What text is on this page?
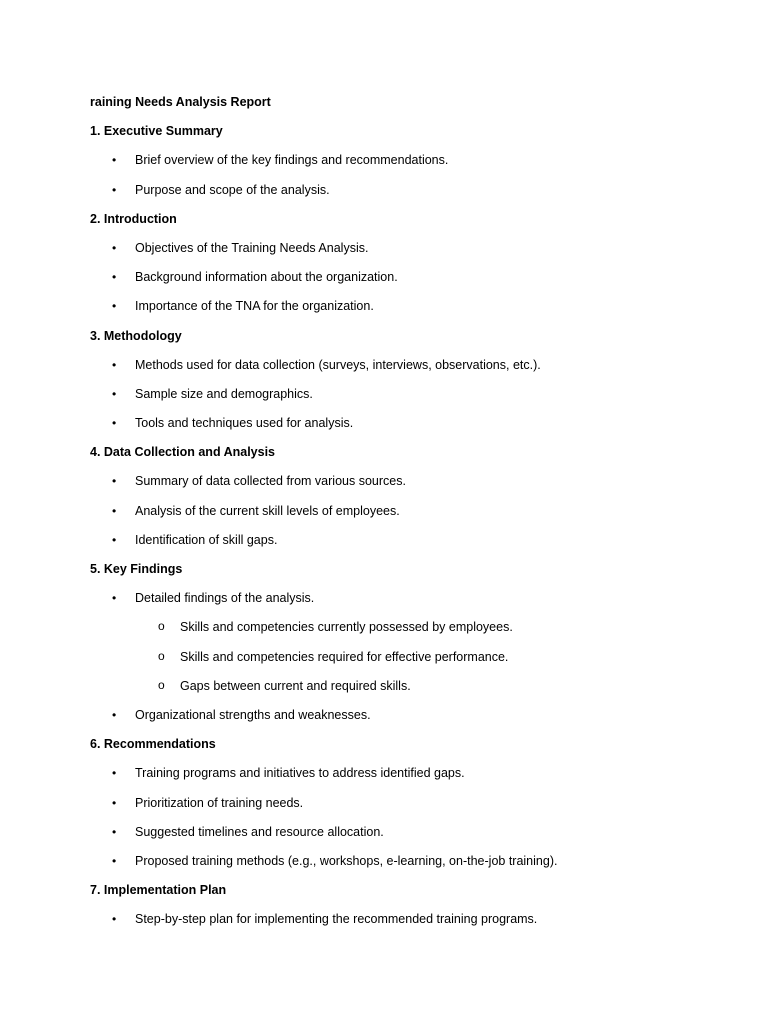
raining Needs Analysis Report
1. Executive Summary
• Brief overview of the key findings and recommendations.
• Purpose and scope of the analysis.
2. Introduction
• Objectives of the Training Needs Analysis.
• Background information about the organization.
• Importance of the TNA for the organization.
3. Methodology
• Methods used for data collection (surveys, interviews, observations, etc.).
• Sample size and demographics.
• Tools and techniques used for analysis.
4. Data Collection and Analysis
• Summary of data collected from various sources.
• Analysis of the current skill levels of employees.
• Identification of skill gaps.
5. Key Findings
• Detailed findings of the analysis.
o Skills and competencies currently possessed by employees.
o Skills and competencies required for effective performance.
o Gaps between current and required skills.
• Organizational strengths and weaknesses.
6. Recommendations
• Training programs and initiatives to address identified gaps.
• Prioritization of training needs.
• Suggested timelines and resource allocation.
• Proposed training methods (e.g., workshops, e-learning, on-the-job training).
7. Implementation Plan
• Step-by-step plan for implementing the recommended training programs.
